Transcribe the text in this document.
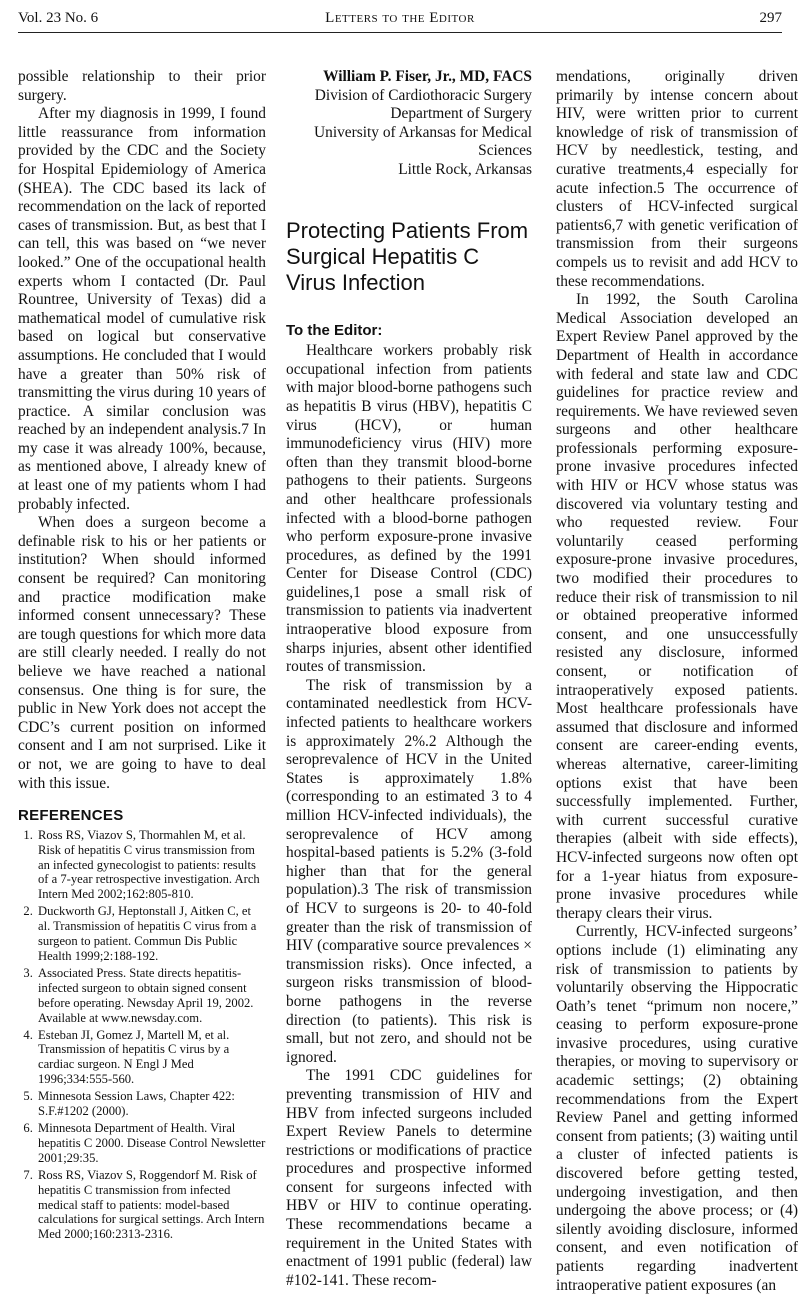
Vol. 23 No. 6	Letters to the Editor	297

possible relationship to their prior surgery.

After my diagnosis in 1999, I found little reassurance from information provided by the CDC and the Society for Hospital Epidemiology of America (SHEA). The CDC based its lack of recommendation on the lack of reported cases of transmission. But, as best that I can tell, this was based on “we never looked.” One of the occupational health experts whom I contacted (Dr. Paul Rountree, University of Texas) did a mathematical model of cumulative risk based on logical but conservative assumptions. He concluded that I would have a greater than 50% risk of transmitting the virus during 10 years of practice. A similar conclusion was reached by an independent analysis.7 In my case it was already 100%, because, as mentioned above, I already knew of at least one of my patients whom I had probably infected.

When does a surgeon become a definable risk to his or her patients or institution? When should informed consent be required? Can monitoring and practice modification make informed consent unnecessary? These are tough questions for which more data are still clearly needed. I really do not believe we have reached a national consensus. One thing is for sure, the public in New York does not accept the CDC’s current position on informed consent and I am not surprised. Like it or not, we are going to have to deal with this issue.

REFERENCES
1. Ross RS, Viazov S, Thormahlen M, et al. Risk of hepatitis C virus transmission from an infected gynecologist to patients: results of a 7-year retrospective investigation. Arch Intern Med 2002;162:805-810.
2. Duckworth GJ, Heptonstall J, Aitken C, et al. Transmission of hepatitis C virus from a surgeon to patient. Commun Dis Public Health 1999;2:188-192.
3. Associated Press. State directs hepatitis-infected surgeon to obtain signed consent before operating. Newsday April 19, 2002. Available at www.newsday.com.
4. Esteban JI, Gomez J, Martell M, et al. Transmission of hepatitis C virus by a cardiac surgeon. N Engl J Med 1996;334:555-560.
5. Minnesota Session Laws, Chapter 422: S.F.#1202 (2000).
6. Minnesota Department of Health. Viral hepatitis C 2000. Disease Control Newsletter 2001;29:35.
7. Ross RS, Viazov S, Roggendorf M. Risk of hepatitis C transmission from infected medical staff to patients: model-based calculations for surgical settings. Arch Intern Med 2000;160:2313-2316.
William P. Fiser, Jr., MD, FACS
Division of Cardiothoracic Surgery
Department of Surgery
University of Arkansas for Medical Sciences
Little Rock, Arkansas
Protecting Patients From Surgical Hepatitis C Virus Infection
To the Editor:

Healthcare workers probably risk occupational infection from patients with major blood-borne pathogens such as hepatitis B virus (HBV), hepatitis C virus (HCV), or human immunodeficiency virus (HIV) more often than they transmit blood-borne pathogens to their patients. Surgeons and other healthcare professionals infected with a blood-borne pathogen who perform exposure-prone invasive procedures, as defined by the 1991 Center for Disease Control (CDC) guidelines,1 pose a small risk of transmission to patients via inadvertent intraoperative blood exposure from sharps injuries, absent other identified routes of transmission.

The risk of transmission by a contaminated needlestick from HCV-infected patients to healthcare workers is approximately 2%.2 Although the seroprevalence of HCV in the United States is approximately 1.8% (corresponding to an estimated 3 to 4 million HCV-infected individuals), the seroprevalence of HCV among hospital-based patients is 5.2% (3-fold higher than that for the general population).3 The risk of transmission of HCV to surgeons is 20- to 40-fold greater than the risk of transmission of HIV (comparative source prevalences × transmission risks). Once infected, a surgeon risks transmission of blood-borne pathogens in the reverse direction (to patients). This risk is small, but not zero, and should not be ignored.

The 1991 CDC guidelines for preventing transmission of HIV and HBV from infected surgeons included Expert Review Panels to determine restrictions or modifications of practice procedures and prospective informed consent for surgeons infected with HBV or HIV to continue operating. These recommendations became a requirement in the United States with enactment of 1991 public (federal) law #102-141. These recom-

mendations, originally driven primarily by intense concern about HIV, were written prior to current knowledge of risk of transmission of HCV by needlestick, testing, and curative treatments,4 especially for acute infection.5 The occurrence of clusters of HCV-infected surgical patients6,7 with genetic verification of transmission from their surgeons compels us to revisit and add HCV to these recommendations.

In 1992, the South Carolina Medical Association developed an Expert Review Panel approved by the Department of Health in accordance with federal and state law and CDC guidelines for practice review and requirements. We have reviewed seven surgeons and other healthcare professionals performing exposure-prone invasive procedures infected with HIV or HCV whose status was discovered via voluntary testing and who requested review. Four voluntarily ceased performing exposure-prone invasive procedures, two modified their procedures to reduce their risk of transmission to nil or obtained preoperative informed consent, and one unsuccessfully resisted any disclosure, informed consent, or notification of intraoperatively exposed patients. Most healthcare professionals have assumed that disclosure and informed consent are career-ending events, whereas alternative, career-limiting options exist that have been successfully implemented. Further, with current successful curative therapies (albeit with side effects), HCV-infected surgeons now often opt for a 1-year hiatus from exposure-prone invasive procedures while therapy clears their virus.

Currently, HCV-infected surgeons’ options include (1) eliminating any risk of transmission to patients by voluntarily observing the Hippocratic Oath’s tenet “primum non nocere,” ceasing to perform exposure-prone invasive procedures, using curative therapies, or moving to supervisory or academic settings; (2) obtaining recommendations from the Expert Review Panel and getting informed consent from patients; (3) waiting until a cluster of infected patients is discovered before getting tested, undergoing investigation, and then undergoing the above process; or (4) silently avoiding disclosure, informed consent, and even notification of patients regarding inadvertent intraoperative patient exposures (an
